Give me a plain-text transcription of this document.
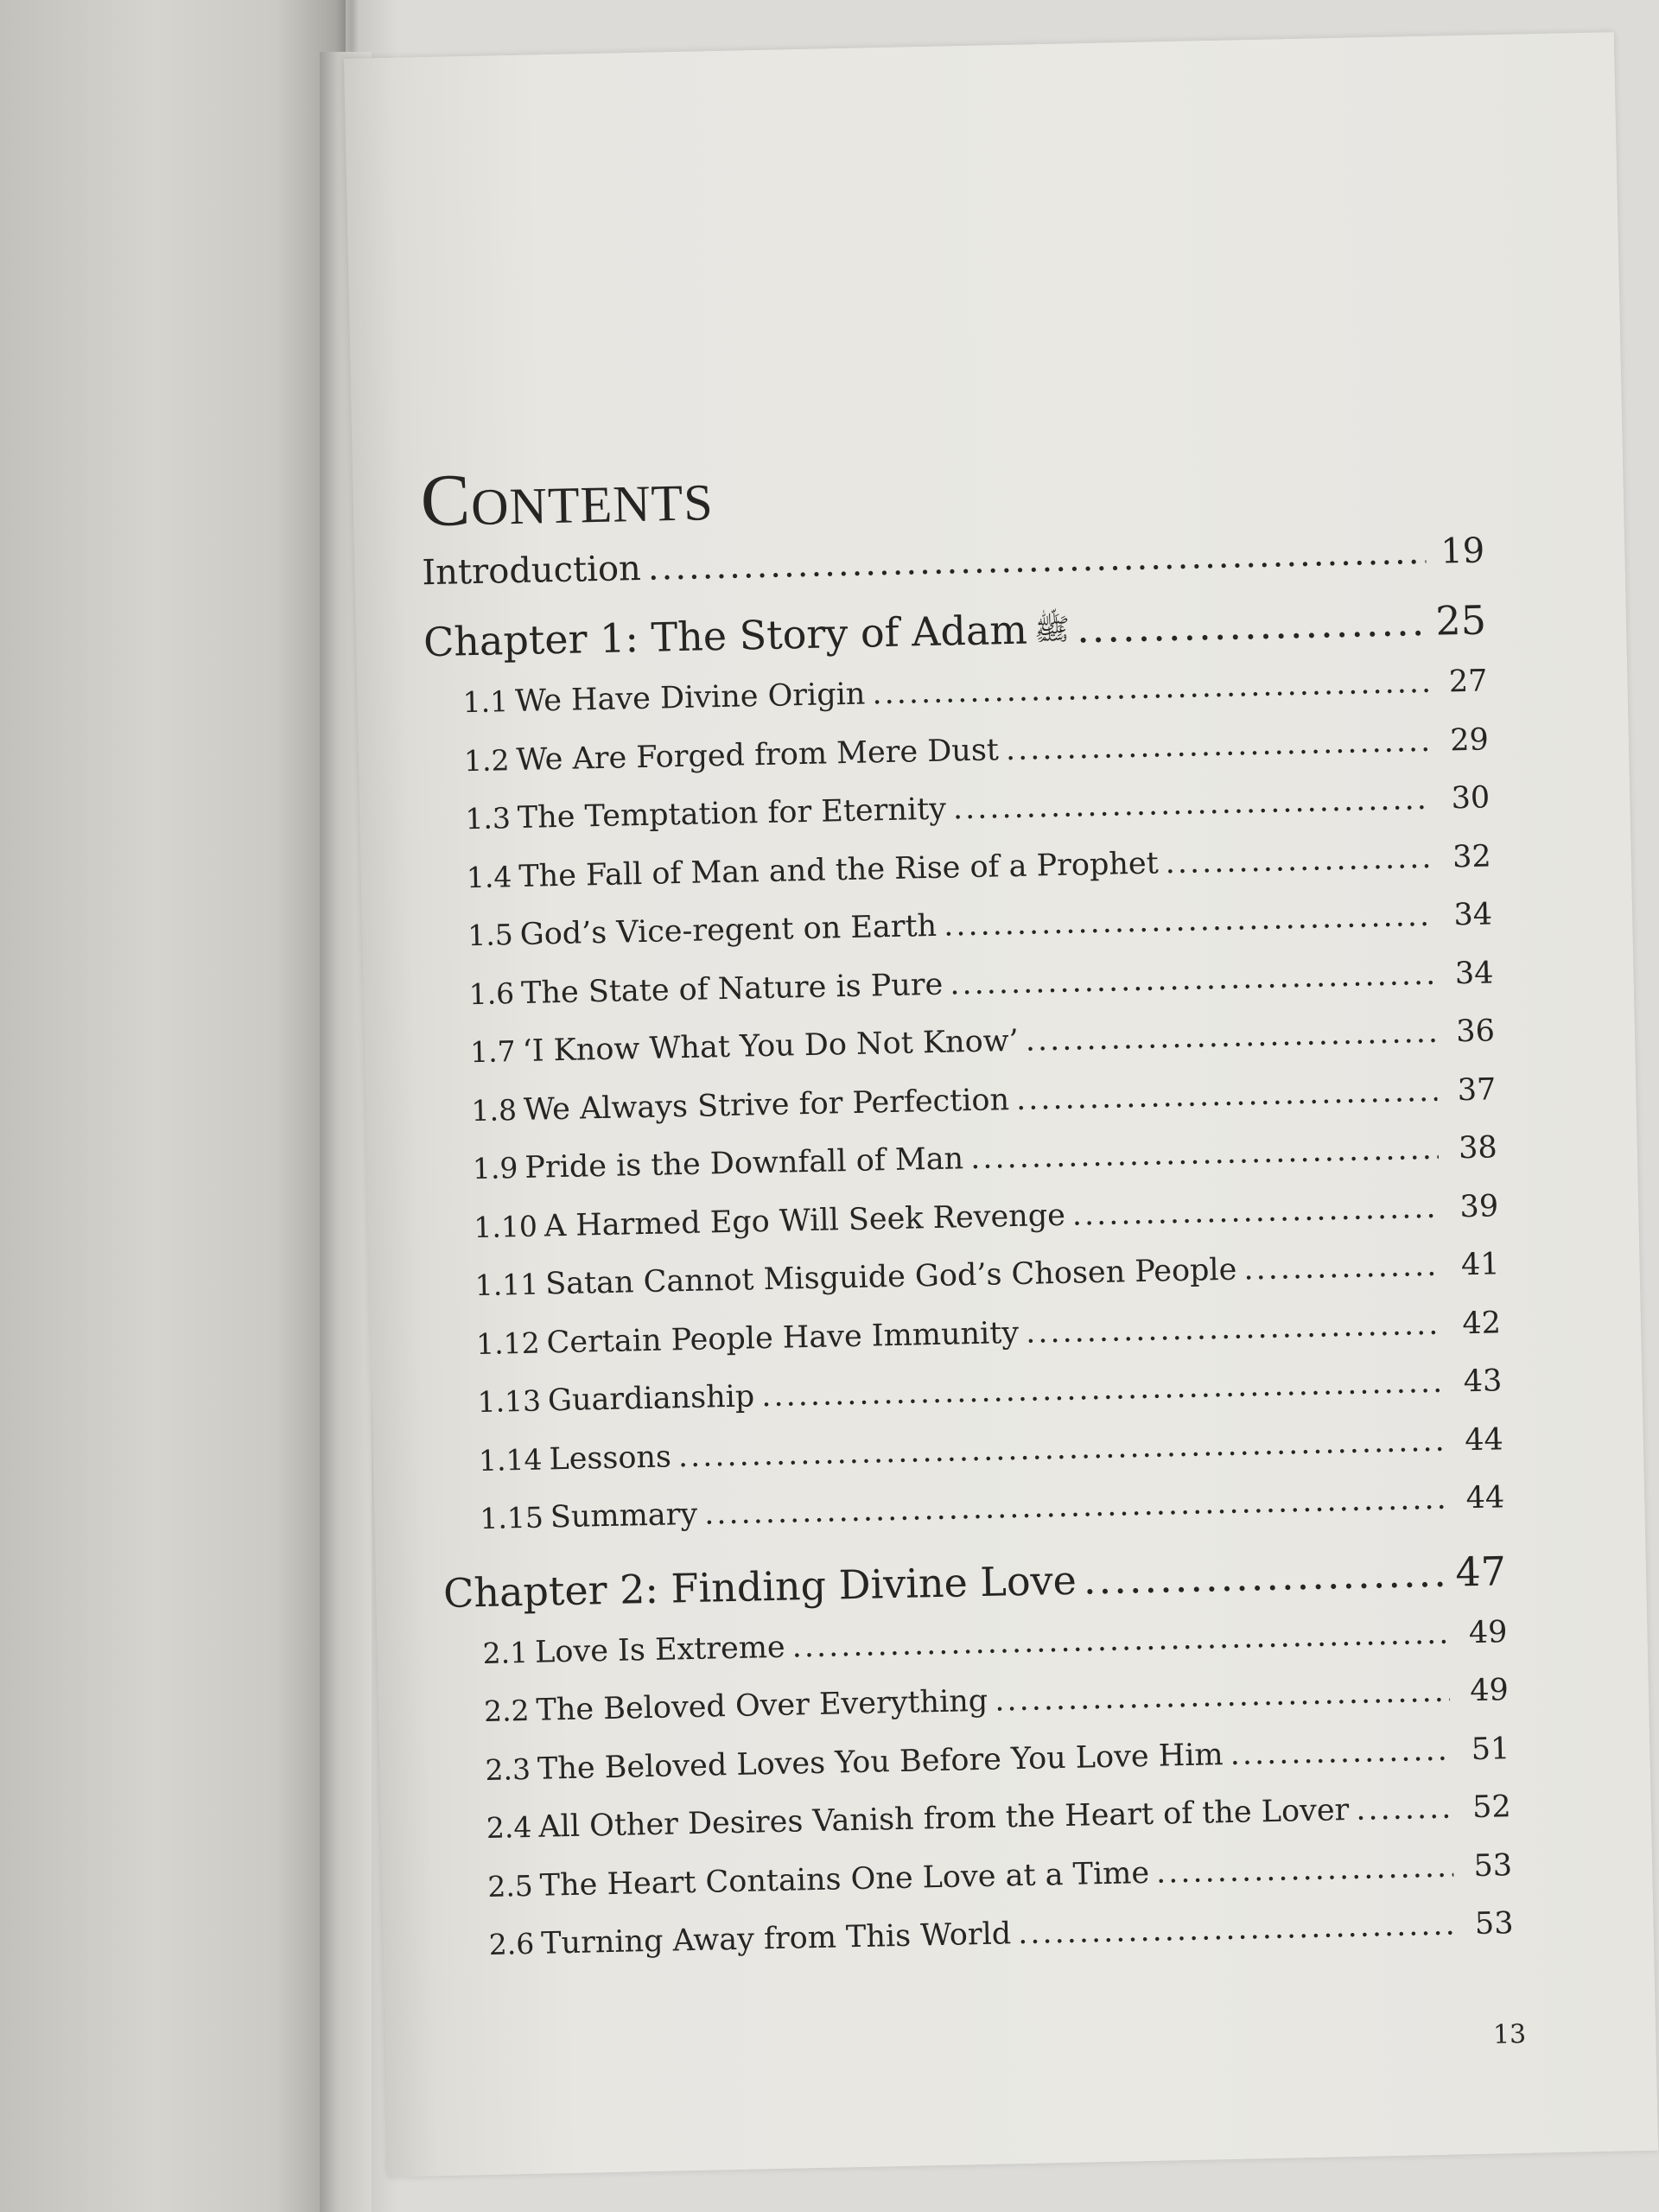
Contents
Introduction .....	19
Chapter 1: The Story of Adam ﷺ .....	25
1.1 We Have Divine Origin .....	27
1.2 We Are Forged from Mere Dust .....	29
1.3 The Temptation for Eternity .....	30
1.4 The Fall of Man and the Rise of a Prophet .....	32
1.5 God’s Vice-regent on Earth .....	34
1.6 The State of Nature is Pure .....	34
1.7 ‘I Know What You Do Not Know’ .....	36
1.8 We Always Strive for Perfection .....	37
1.9 Pride is the Downfall of Man .....	38
1.10 A Harmed Ego Will Seek Revenge .....	39
1.11 Satan Cannot Misguide God’s Chosen People .....	41
1.12 Certain People Have Immunity .....	42
1.13 Guardianship .....	43
1.14 Lessons .....	44
1.15 Summary .....	44
Chapter 2: Finding Divine Love .....	47
2.1 Love Is Extreme .....	49
2.2 The Beloved Over Everything .....	49
2.3 The Beloved Loves You Before You Love Him .....	51
2.4 All Other Desires Vanish from the Heart of the Lover .....	52
2.5 The Heart Contains One Love at a Time .....	53
2.6 Turning Away from This World .....	53
13
